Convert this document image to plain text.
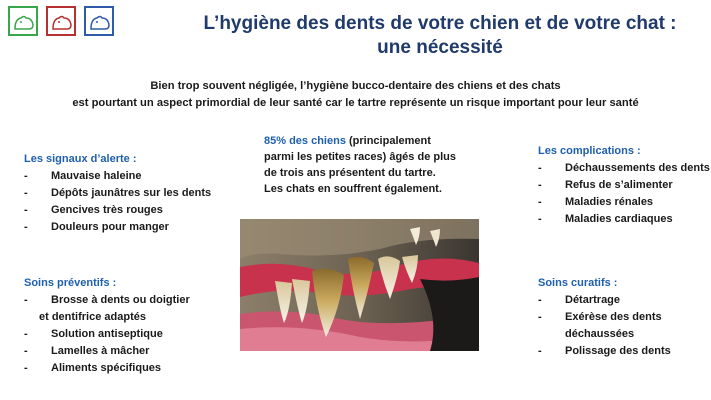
L’hygiène des dents de votre chien et de votre chat :
une nécessité
Bien trop souvent négligée, l’hygiène bucco-dentaire des chiens et des chats
est pourtant un aspect primordial de leur santé car le tartre représente un risque important pour leur santé
Les signaux d’alerte :
- Mauvaise haleine
- Dépôts jaunâtres sur les dents
- Gencives très rouges
- Douleurs pour manger
Soins préventifs :
- Brosse à dents ou doigtier
et dentifrice adaptés
- Solution antiseptique
- Lamelles à mâcher
- Aliments spécifiques
85% des chiens (principalement
parmi les petites races) âgés de plus
de trois ans présentent du tartre.
Les chats en souffrent également.
Les complications :
- Déchaussements des dents
- Refus de s’alimenter
- Maladies rénales
- Maladies cardiaques
Soins curatifs :
- Détartrage
- Exérèse des dents
déchaussées
- Polissage des dents
